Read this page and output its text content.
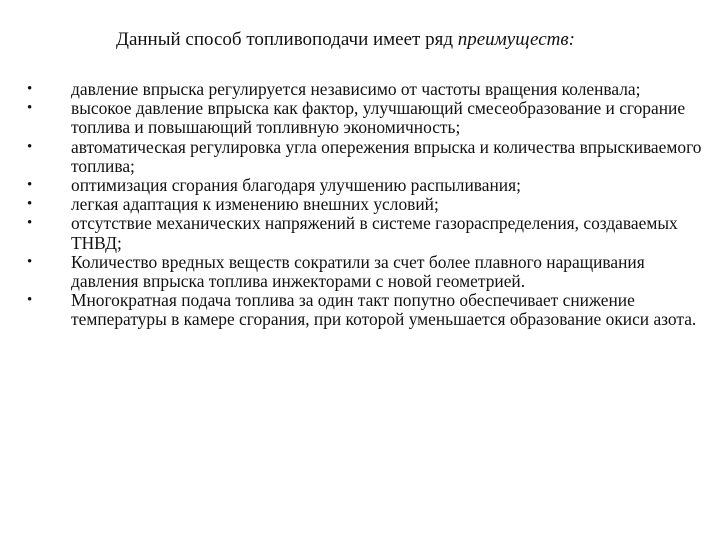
Данный способ топливоподачи имеет ряд преимуществ:
•	давление впрыска регулируется независимо от частоты вращения коленвала;
•	высокое давление впрыска как фактор, улучшающий смесеобразование и сгорание топлива и повышающий топливную экономичность;
•	автоматическая регулировка угла опережения впрыска и количества впрыскиваемого топлива;
•	оптимизация сгорания благодаря улучшению распыливания;
•	легкая адаптация к изменению внешних условий;
•	отсутствие механических напряжений в системе газораспределения, создаваемых ТНВД;
•	Количество вредных веществ сократили за счет более плавного наращивания давления впрыска топлива инжекторами с новой геометрией.
•	Многократная подача топлива за один такт попутно обеспечивает снижение температуры в камере сгорания, при которой уменьшается образование окиси азота.
